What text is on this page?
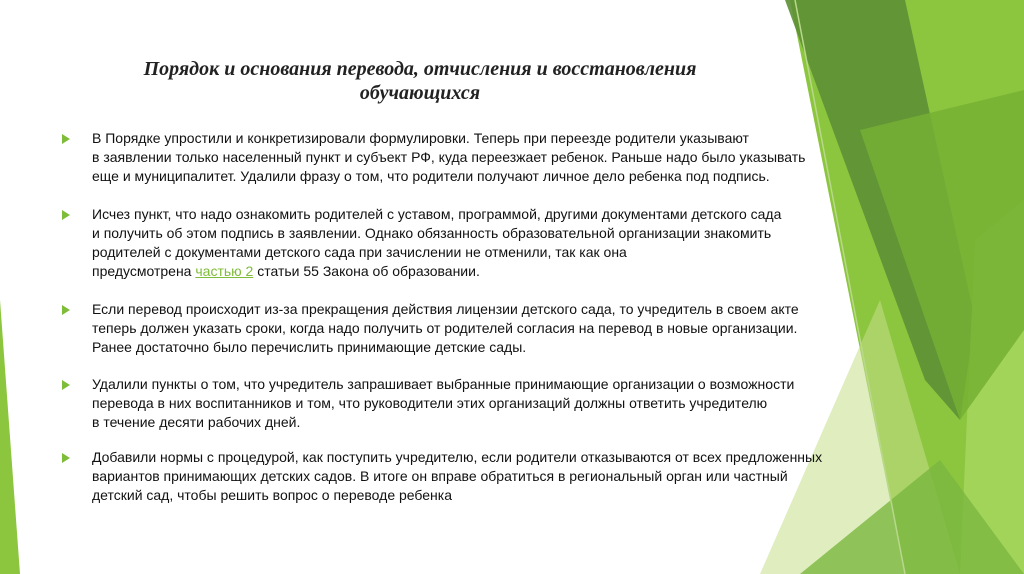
Порядок и основания перевода, отчисления и восстановления
обучающихся
В Порядке упростили и конкретизировали формулировки. Теперь при переезде родители указывают
в заявлении только населенный пункт и субъект РФ, куда переезжает ребенок. Раньше надо было указывать
еще и муниципалитет. Удалили фразу о том, что родители получают личное дело ребенка под подпись.
Исчез пункт, что надо ознакомить родителей с уставом, программой, другими документами детского сада
и получить об этом подпись в заявлении. Однако обязанность образовательной организации знакомить
родителей с документами детского сада при зачислении не отменили, так как она
предусмотрена частью 2 статьи 55 Закона об образовании.
Если перевод происходит из-за прекращения действия лицензии детского сада, то учредитель в своем акте
теперь должен указать сроки, когда надо получить от родителей согласия на перевод в новые организации.
Ранее достаточно было перечислить принимающие детские сады.
Удалили пункты о том, что учредитель запрашивает выбранные принимающие организации о возможности
перевода в них воспитанников и том, что руководители этих организаций должны ответить учредителю
в течение десяти рабочих дней.
Добавили нормы с процедурой, как поступить учредителю, если родители отказываются от всех предложенных
вариантов принимающих детских садов. В итоге он вправе обратиться в региональный орган или частный
детский сад, чтобы решить вопрос о переводе ребенка
